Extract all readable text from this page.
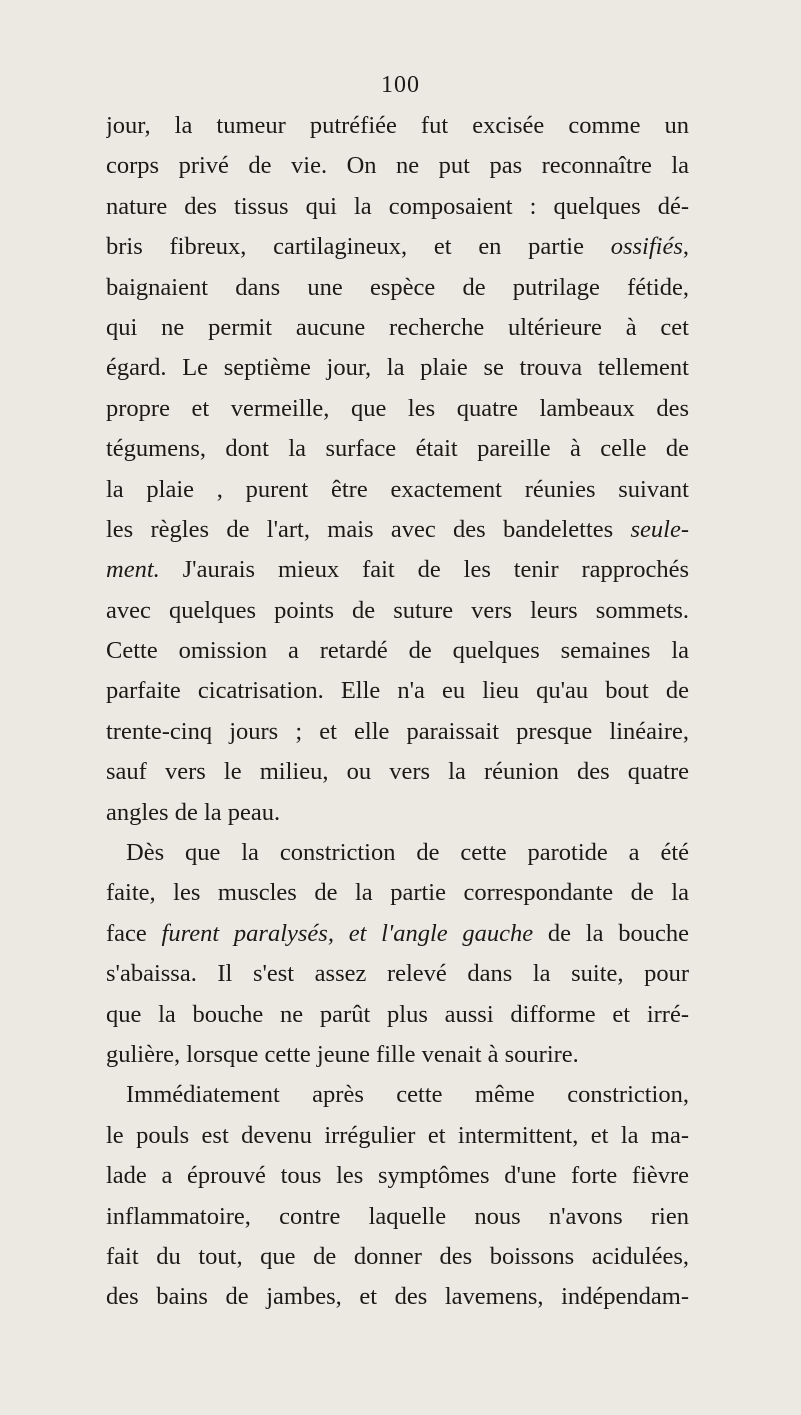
100
jour, la tumeur putréfiée fut excisée comme un
corps privé de vie. On ne put pas reconnaître la
nature des tissus qui la composaient : quelques dé-
bris fibreux, cartilagineux, et en partie ossifiés,
baignaient dans une espèce de putrilage fétide,
qui ne permit aucune recherche ultérieure à cet
égard. Le septième jour, la plaie se trouva tellement
propre et vermeille, que les quatre lambeaux des
tégumens, dont la surface était pareille à celle de
la plaie , purent être exactement réunies suivant
les règles de l'art, mais avec des bandelettes seule-
ment. J'aurais mieux fait de les tenir rapprochés
avec quelques points de suture vers leurs sommets.
Cette omission a retardé de quelques semaines la
parfaite cicatrisation. Elle n'a eu lieu qu'au bout de
trente-cinq jours ; et elle paraissait presque linéaire,
sauf vers le milieu, ou vers la réunion des quatre
angles de la peau.
Dès que la constriction de cette parotide a été
faite, les muscles de la partie correspondante de la
face furent paralysés, et l'angle gauche de la bouche
s'abaissa. Il s'est assez relevé dans la suite, pour
que la bouche ne parût plus aussi difforme et irré-
gulière, lorsque cette jeune fille venait à sourire.
Immédiatement après cette même constriction,
le pouls est devenu irrégulier et intermittent, et la ma-
lade a éprouvé tous les symptômes d'une forte fièvre
inflammatoire, contre laquelle nous n'avons rien
fait du tout, que de donner des boissons acidulées,
des bains de jambes, et des lavemens, indépendam-
